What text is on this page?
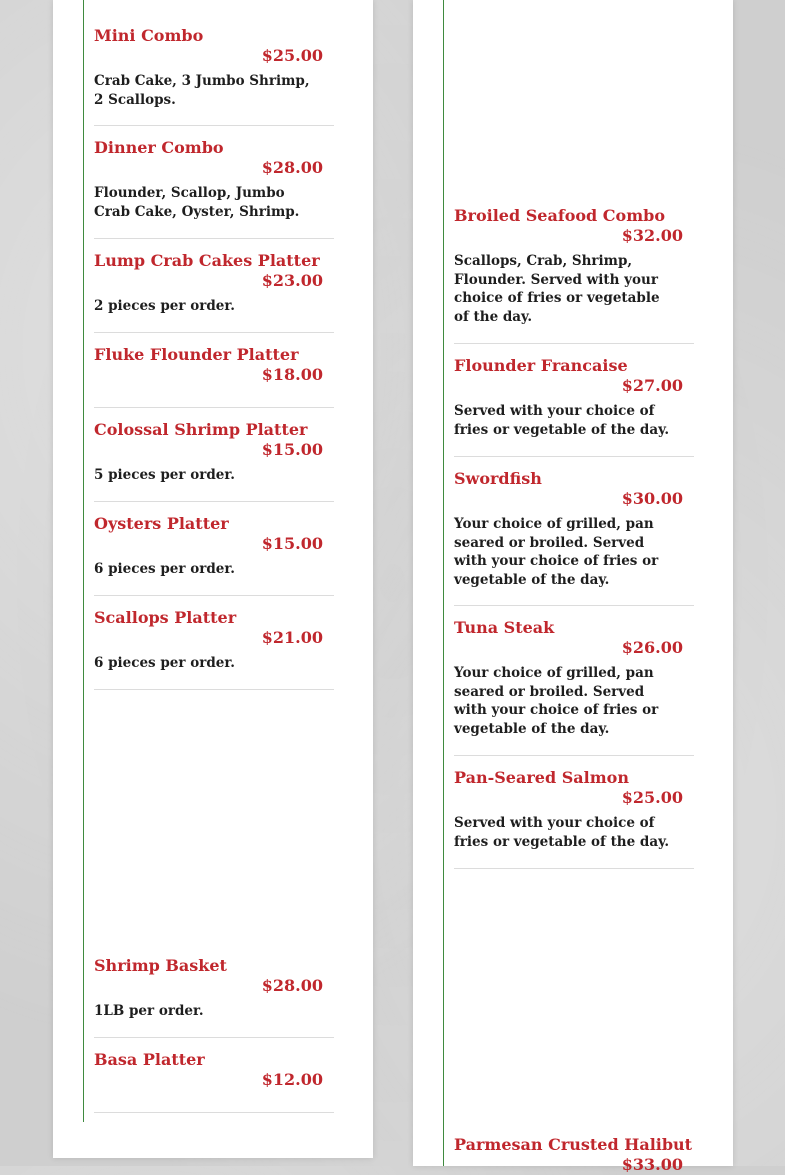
Mini Combo
$25.00
Crab Cake, 3 Jumbo Shrimp, 2 Scallops.
Dinner Combo
$28.00
Flounder, Scallop, Jumbo Crab Cake, Oyster, Shrimp.
Lump Crab Cakes Platter
$23.00
2 pieces per order.
Fluke Flounder Platter
$18.00
Colossal Shrimp Platter
$15.00
5 pieces per order.
Oysters Platter
$15.00
6 pieces per order.
Scallops Platter
$21.00
6 pieces per order.
Shrimp Basket
$28.00
1LB per order.
Basa Platter
$12.00
Broiled Seafood Combo
$32.00
Scallops, Crab, Shrimp, Flounder. Served with your choice of fries or vegetable of the day.
Flounder Francaise
$27.00
Served with your choice of fries or vegetable of the day.
Swordfish
$30.00
Your choice of grilled, pan seared or broiled. Served with your choice of fries or vegetable of the day.
Tuna Steak
$26.00
Your choice of grilled, pan seared or broiled. Served with your choice of fries or vegetable of the day.
Pan-Seared Salmon
$25.00
Served with your choice of fries or vegetable of the day.
Parmesan Crusted Halibut
$33.00
